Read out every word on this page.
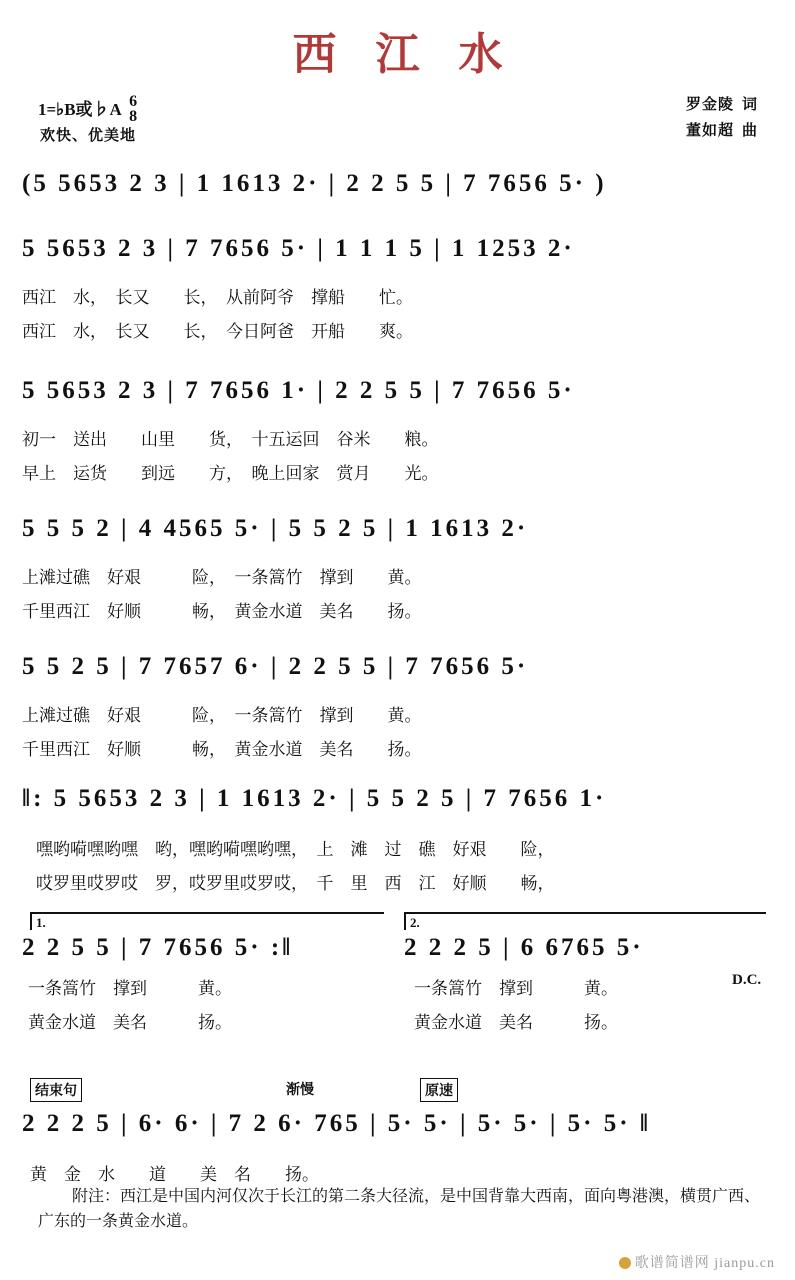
西 江 水
1=♭B或♭A 6
8
欢快、优美地
罗金陵 词
董如超 曲
(5 5653 2 3 | 1 1613 2· | 2 2 5 5 | 7 7656 5· )
5 5653 2 3 | 7 7656 5· | 1 1 1 5 | 1 1253 2·
西江　水，　长又　　长，　从前阿爷　撑船　　忙。
西江　水，　长又　　长，　今日阿爸　开船　　爽。
5 5653 2 3 | 7 7656 1· | 2 2 5 5 | 7 7656 5·
初一　送出　　山里　　货，　十五运回　谷米　　粮。
早上　运货　　到远　　方，　晚上回家　赏月　　光。
5 5 5 2 | 4 4565 5· | 5 5 2 5 | 1 1613 2·
上滩过礁　好艰　　　险，　一条篙竹　撑到　　黄。
千里西江　好顺　　　畅，　黄金水道　美名　　扬。
5 5 2 5 | 7 7657 6· | 2 2 5 5 | 7 7656 5·
上滩过礁　好艰　　　险，　一条篙竹　撑到　　黄。
千里西江　好顺　　　畅，　黄金水道　美名　　扬。
‖: 5 5653 2 3 | 1 1613 2· | 5 5 2 5 | 7 7656 1·
嘿哟嗬嘿哟嘿　哟，嘿哟嗬嘿哟嘿，　上　滩　过　礁　好艰　　险，
哎罗里哎罗哎　罗，哎罗里哎罗哎，　千　里　西　江　好顺　　畅，
1.	2.
2 2 5 5 | 7 7656 5· :‖	2 2 2 5 | 6 6765 5·
一条篙竹　撑到　　　黄。	一条篙竹　撑到　　　黄。	D.C.
黄金水道　美名　　　扬。	黄金水道　美名　　　扬。
结束句	渐慢	原速
2 2 2 5 | 6· 6· | 7 2 6· 765 | 5· 5· | 5· 5· | 5· 5· ‖
黄　金　水　　道　　美　名　　扬。
附注：西江是中国内河仅次于长江的第二条大径流，是中国背靠大西南，面向粤港澳，横贯广西、广东的一条黄金水道。
歌谱简谱网 jianpu.cn
